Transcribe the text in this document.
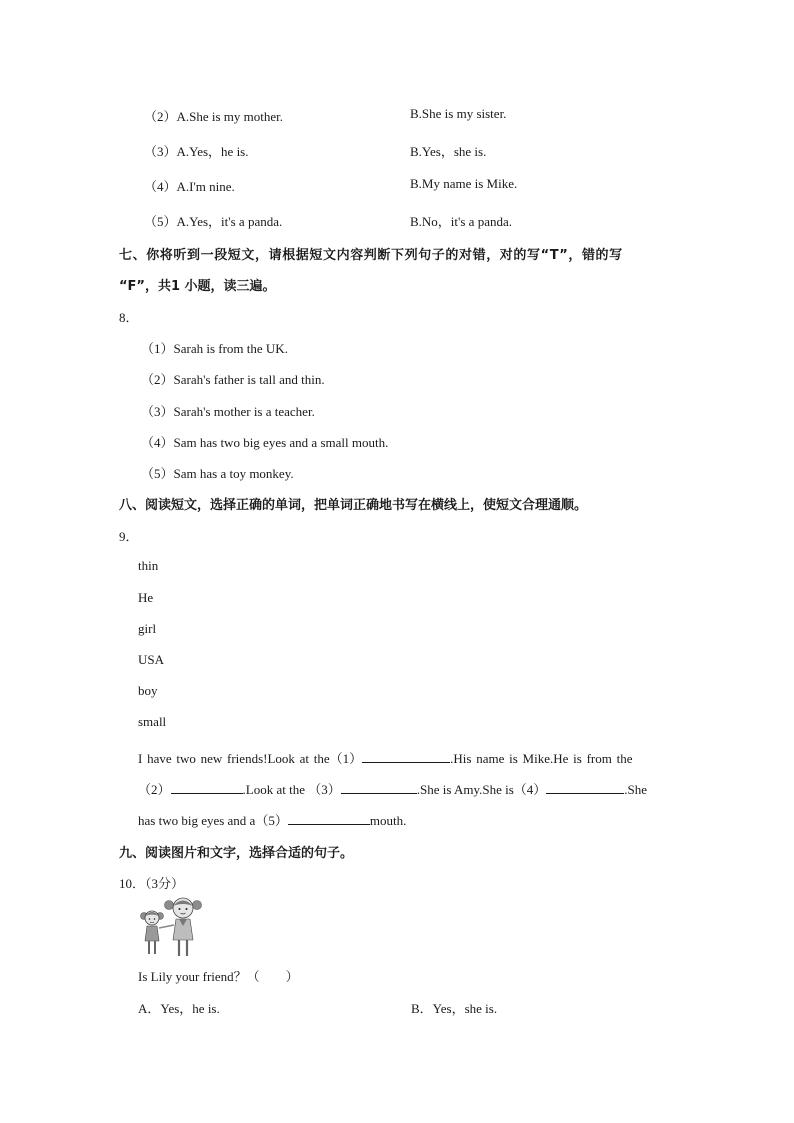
（2）A.She is my mother.	B.She is my sister.
（3）A.Yes，he is.	B.Yes，she is.
（4）A.I'm nine.	B.My name is Mike.
（5）A.Yes，it's a panda.	B.No，it's a panda.
七、你将听到一段短文，请根据短文内容判断下列句子的对错，对的写“T”，错的写
“F”，共1 小题，读三遍。
8．
（1）Sarah is from the UK.
（2）Sarah's father is tall and thin.
（3）Sarah's mother is a teacher.
（4）Sam has two big eyes and a small mouth.
（5）Sam has a toy monkey.
八、阅读短文，选择正确的单词，把单词正确地书写在横线上，使短文合理通顺。
9．
thin
He
girl
USA
boy
small
I have two new friends!Look at the（1）	.His name is Mike.He is from the
（2）	.Look at the （3）	.She is Amy.She is（4）	.She
has two big eyes and a（5）	mouth.
九、阅读图片和文字，选择合适的句子。
10．（3分）
Is Lily your friend？（　　）
A．Yes，he is.	B．Yes，she is.
